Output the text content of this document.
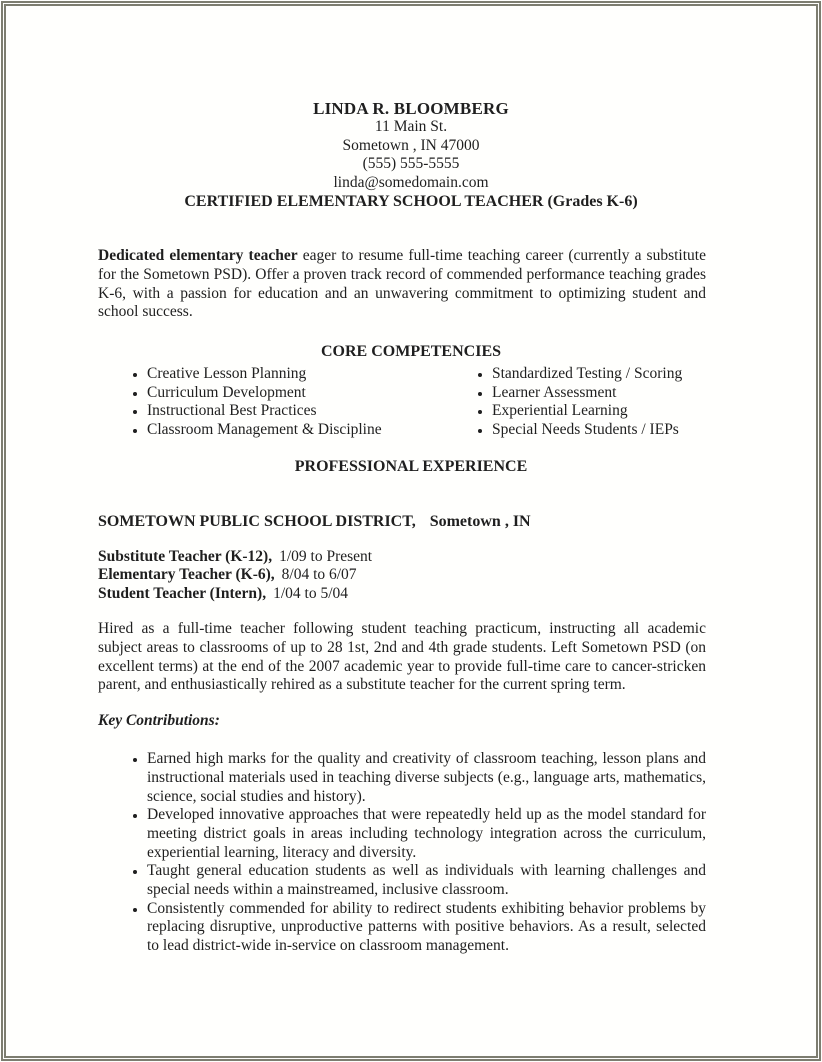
LINDA R. BLOOMBERG
11 Main St.
Sometown , IN 47000
(555) 555-5555
linda@somedomain.com
CERTIFIED ELEMENTARY SCHOOL TEACHER (Grades K-6)

Dedicated elementary teacher eager to resume full-time teaching career (currently a substitute for the Sometown PSD). Offer a proven track record of commended performance teaching grades K-6, with a passion for education and an unwavering commitment to optimizing student and school success.

CORE COMPETENCIES
• Creative Lesson Planning
• Curriculum Development
• Instructional Best Practices
• Classroom Management & Discipline
• Standardized Testing / Scoring
• Learner Assessment
• Experiential Learning
• Special Needs Students / IEPs
PROFESSIONAL EXPERIENCE
SOMETOWN PUBLIC SCHOOL DISTRICT, Sometown , IN
Substitute Teacher (K-12), 1/09 to Present
Elementary Teacher (K-6), 8/04 to 6/07
Student Teacher (Intern), 1/04 to 5/04

Hired as a full-time teacher following student teaching practicum, instructing all academic subject areas to classrooms of up to 28 1st, 2nd and 4th grade students. Left Sometown PSD (on excellent terms) at the end of the 2007 academic year to provide full-time care to cancer-stricken parent, and enthusiastically rehired as a substitute teacher for the current spring term.

Key Contributions:
• Earned high marks for the quality and creativity of classroom teaching, lesson plans and instructional materials used in teaching diverse subjects (e.g., language arts, mathematics, science, social studies and history).
• Developed innovative approaches that were repeatedly held up as the model standard for meeting district goals in areas including technology integration across the curriculum, experiential learning, literacy and diversity.
• Taught general education students as well as individuals with learning challenges and special needs within a mainstreamed, inclusive classroom.
• Consistently commended for ability to redirect students exhibiting behavior problems by replacing disruptive, unproductive patterns with positive behaviors. As a result, selected to lead district-wide in-service on classroom management.
